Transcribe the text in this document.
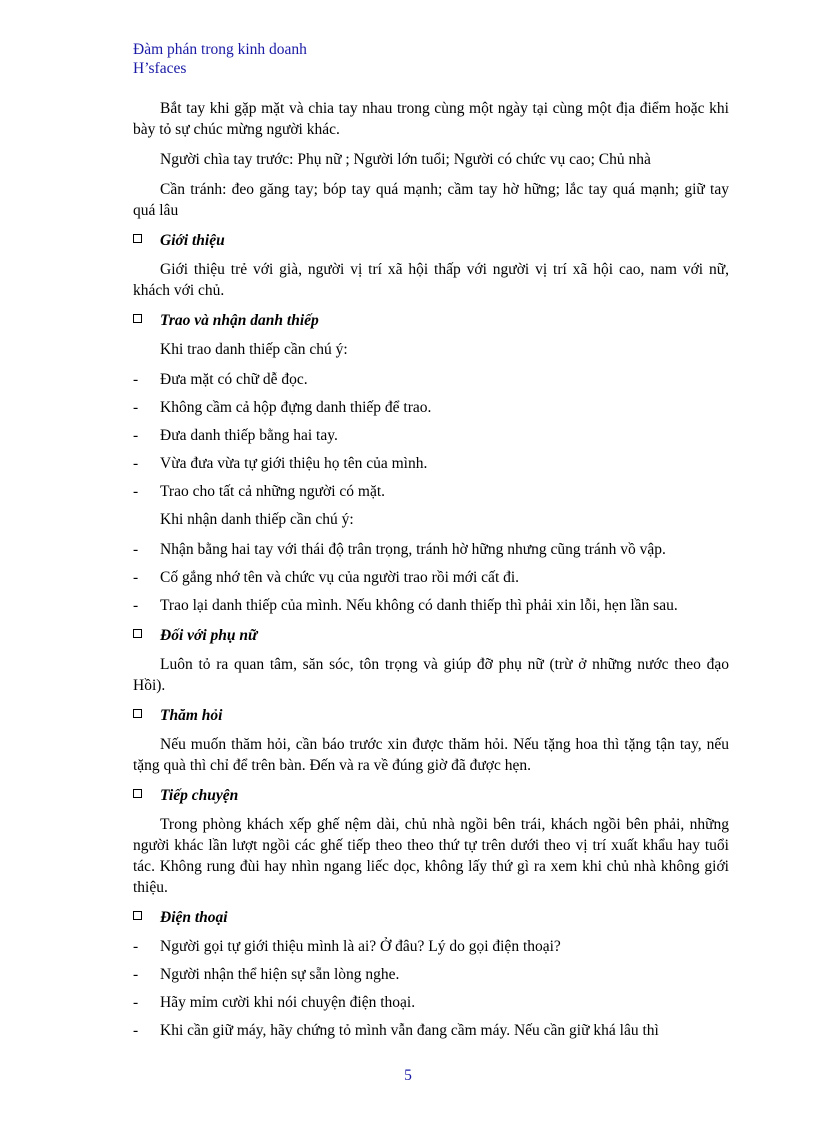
Đàm phán trong kinh doanh
H’sfaces

Bắt tay khi gặp mặt và chia tay nhau trong cùng một ngày tại cùng một địa điểm hoặc khi bày tỏ sự chúc mừng người khác.

Người chìa tay trước: Phụ nữ ; Người lớn tuổi; Người có chức vụ cao; Chủ nhà

Cần tránh: đeo găng tay; bóp tay quá mạnh; cầm tay hờ hững; lắc tay quá mạnh; giữ tay quá lâu

Giới thiệu

Giới thiệu trẻ với già, người vị trí xã hội thấp với người vị trí xã hội cao, nam với nữ, khách với chủ.

Trao và nhận danh thiếp

Khi trao danh thiếp cần chú ý:

-	Đưa mặt có chữ dễ đọc.
-	Không cầm cả hộp đựng danh thiếp để trao.
-	Đưa danh thiếp bằng hai tay.
-	Vừa đưa vừa tự giới thiệu họ tên của mình.
-	Trao cho tất cả những người có mặt.

Khi nhận danh thiếp cần chú ý:

-	Nhận bằng hai tay với thái độ trân trọng, tránh hờ hững nhưng cũng tránh vồ vập.
-	Cố gắng nhớ tên và chức vụ của người trao rồi mới cất đi.
- Trao lại danh thiếp của mình. Nếu không có danh thiếp thì phải xin lỗi, hẹn lần sau.
Đối với phụ nữ

Luôn tỏ ra quan tâm, săn sóc, tôn trọng và giúp đỡ phụ nữ (trừ ở những nước theo đạo Hồi).

Thăm hỏi

Nếu muốn thăm hỏi, cần báo trước xin được thăm hỏi. Nếu tặng hoa thì tặng tận tay, nếu tặng quà thì chỉ để trên bàn. Đến và ra về đúng giờ đã được hẹn.

Tiếp chuyện

Trong phòng khách xếp ghế nệm dài, chủ nhà ngồi bên trái, khách ngồi bên phải, những người khác lần lượt ngồi các ghế tiếp theo theo thứ tự trên dưới theo vị trí xuất khẩu hay tuổi tác. Không rung đùi hay nhìn ngang liếc dọc, không lấy thứ gì ra xem khi chủ nhà không giới thiệu.

Điện thoại
-	Người gọi tự giới thiệu mình là ai? Ở đâu? Lý do gọi điện thoại?
-	Người nhận thể hiện sự sẵn lòng nghe.
-	Hãy mỉm cười khi nói chuyện điện thoại.
-	Khi cần giữ máy, hãy chứng tỏ mình vẫn đang cầm máy. Nếu cần giữ khá lâu thì
5
